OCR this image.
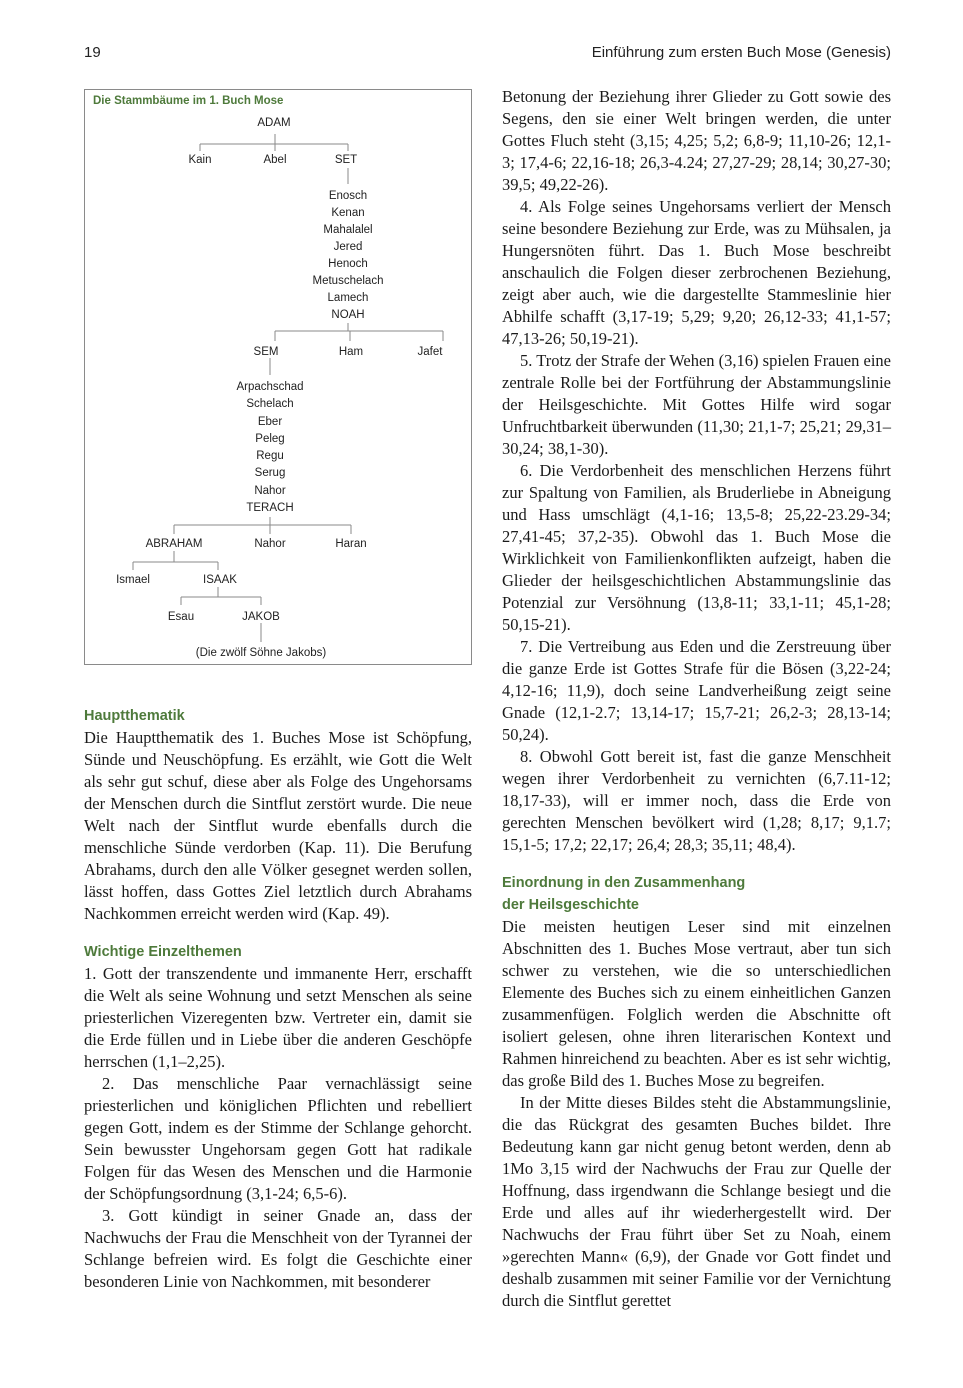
19	Einführung zum ersten Buch Mose (Genesis)
Die Stammbäume im 1. Buch Mose
ADAM
Kain	Abel	SET
Enosch
Kenan
Mahalalel
Jered
Henoch
Metuschelach
Lamech
NOAH
SEM	Ham	Jafet
Arpachschad
Schelach
Eber
Peleg
Regu
Serug
Nahor
TERACH
ABRAHAM	Nahor	Haran
Ismael	ISAAK
Esau	JAKOB
(Die zwölf Söhne Jakobs)
Hauptthematik

Die Hauptthematik des 1. Buches Mose ist Schöpfung, Sünde und Neuschöpfung. Es erzählt, wie Gott die Welt als sehr gut schuf, diese aber als Folge des Ungehorsams der Menschen durch die Sintflut zerstört wurde. Die neue Welt nach der Sintflut wurde ebenfalls durch die menschliche Sünde verdorben (Kap. 11). Die Berufung Abrahams, durch den alle Völker gesegnet werden sollen, lässt hoffen, dass Gottes Ziel letztlich durch Abrahams Nachkommen erreicht werden wird (Kap. 49).

Wichtige Einzelthemen

1. Gott der transzendente und immanente Herr, erschafft die Welt als seine Wohnung und setzt Menschen als seine priesterlichen Vizeregenten bzw. Vertreter ein, damit sie die Erde füllen und in Liebe über die anderen Geschöpfe herrschen (1,1–2,25).

2. Das menschliche Paar vernachlässigt seine priesterlichen und königlichen Pflichten und rebelliert gegen Gott, indem es der Stimme der Schlange gehorcht. Sein bewusster Ungehorsam gegen Gott hat radikale Folgen für das Wesen des Menschen und die Harmonie der Schöpfungsordnung (3,1-24; 6,5-6).

3. Gott kündigt in seiner Gnade an, dass der Nachwuchs der Frau die Menschheit von der Tyrannei der Schlange befreien wird. Es folgt die Geschichte einer besonderen Linie von Nachkommen, mit besonderer

Betonung der Beziehung ihrer Glieder zu Gott sowie des Segens, den sie einer Welt bringen werden, die unter Gottes Fluch steht (3,15; 4,25; 5,2; 6,8-9; 11,10-26; 12,1-3; 17,4-6; 22,16-18; 26,3-4.24; 27,27-29; 28,14; 30,27-30; 39,5; 49,22-26).

4. Als Folge seines Ungehorsams verliert der Mensch seine besondere Beziehung zur Erde, was zu Mühsalen, ja Hungersnöten führt. Das 1. Buch Mose beschreibt anschaulich die Folgen dieser zerbrochenen Beziehung, zeigt aber auch, wie die dargestellte Stammeslinie hier Abhilfe schafft (3,17-19; 5,29; 9,20; 26,12-33; 41,1-57; 47,13-26; 50,19-21).

5. Trotz der Strafe der Wehen (3,16) spielen Frauen eine zentrale Rolle bei der Fortführung der Abstammungslinie der Heilsgeschichte. Mit Gottes Hilfe wird sogar Unfruchtbarkeit überwunden (11,30; 21,1-7; 25,21; 29,31–30,24; 38,1-30).

6. Die Verdorbenheit des menschlichen Herzens führt zur Spaltung von Familien, als Bruderliebe in Abneigung und Hass umschlägt (4,1-16; 13,5-8; 25,22-23.29-34; 27,41-45; 37,2-35). Obwohl das 1. Buch Mose die Wirklichkeit von Familienkonflikten aufzeigt, haben die Glieder der heilsgeschichtlichen Abstammungslinie das Potenzial zur Versöhnung (13,8-11; 33,1-11; 45,1-28; 50,15-21).

7. Die Vertreibung aus Eden und die Zerstreuung über die ganze Erde ist Gottes Strafe für die Bösen (3,22-24; 4,12-16; 11,9), doch seine Landverheißung zeigt seine Gnade (12,1-2.7; 13,14-17; 15,7-21; 26,2-3; 28,13-14; 50,24).

8. Obwohl Gott bereit ist, fast die ganze Menschheit wegen ihrer Verdorbenheit zu vernichten (6,7.11-12; 18,17-33), will er immer noch, dass die Erde von gerechten Menschen bevölkert wird (1,28; 8,17; 9,1.7; 15,1-5; 17,2; 22,17; 26,4; 28,3; 35,11; 48,4).

Einordnung in den Zusammenhang
der Heilsgeschichte

Die meisten heutigen Leser sind mit einzelnen Abschnitten des 1. Buches Mose vertraut, aber tun sich schwer zu verstehen, wie die so unterschiedlichen Elemente des Buches sich zu einem einheitlichen Ganzen zusammenfügen. Folglich werden die Abschnitte oft isoliert gelesen, ohne ihren literarischen Kontext und Rahmen hinreichend zu beachten. Aber es ist sehr wichtig, das große Bild des 1. Buches Mose zu begreifen.

In der Mitte dieses Bildes steht die Abstammungslinie, die das Rückgrat des gesamten Buches bildet. Ihre Bedeutung kann gar nicht genug betont werden, denn ab 1Mo 3,15 wird der Nachwuchs der Frau zur Quelle der Hoffnung, dass irgendwann die Schlange besiegt und die Erde und alles auf ihr wiederhergestellt wird. Der Nachwuchs der Frau führt über Set zu Noah, einem »gerechten Mann« (6,9), der Gnade vor Gott findet und deshalb zusammen mit seiner Familie vor der Vernichtung durch die Sintflut gerettet
